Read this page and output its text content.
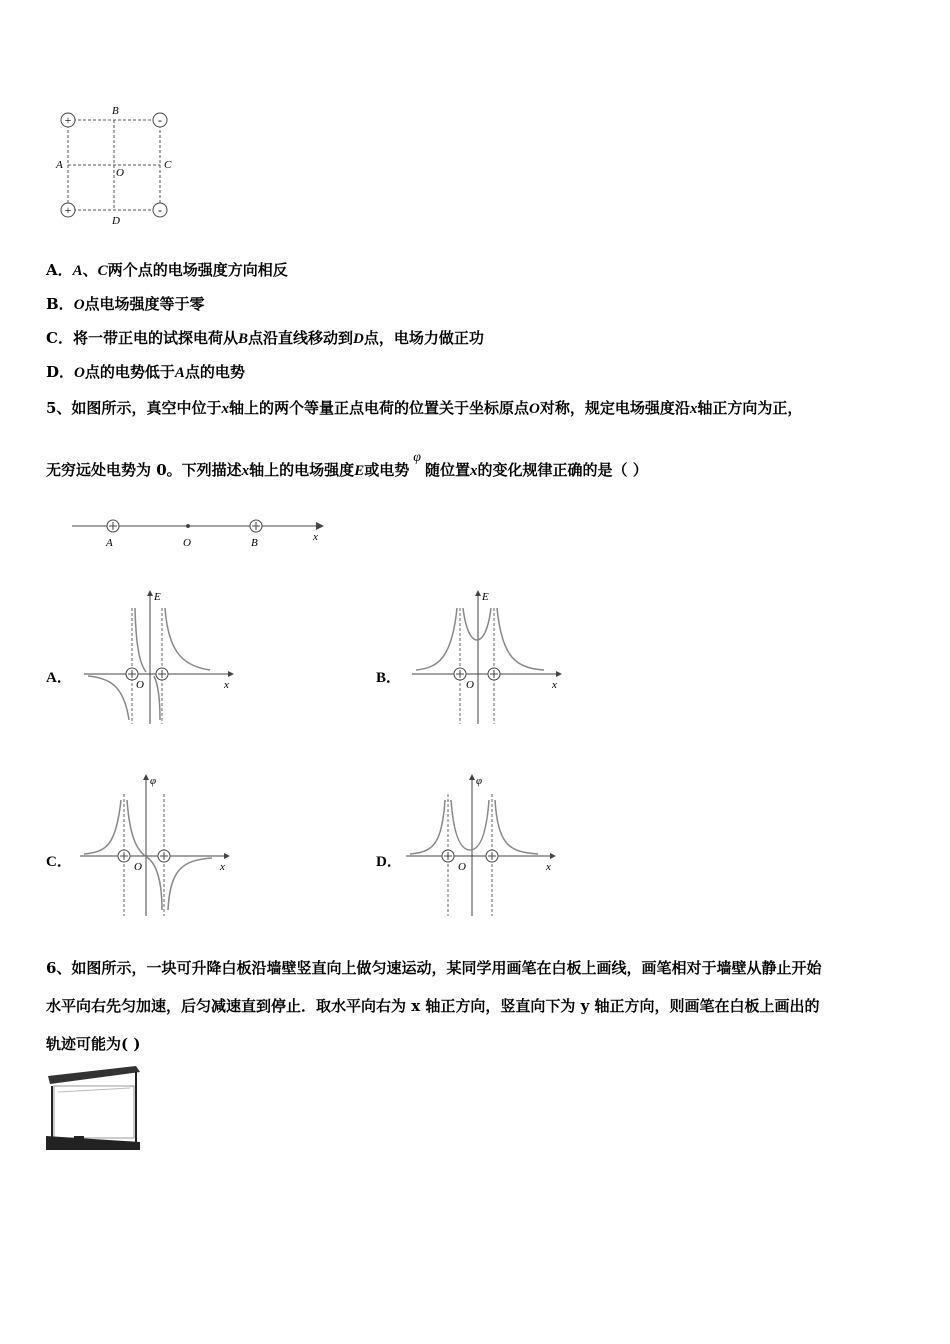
+	-
+	-
B
A	C
D
O
A．A、C两个点的电场强度方向相反
B．O点电场强度等于零
C．将一带正电的试探电荷从B点沿直线移动到D点，电场力做正功
D．O点的电势低于A点的电势
5、如图所示，真空中位于x轴上的两个等量正点电荷的位置关于坐标原点O对称，规定电场强度沿x轴正方向为正，
无穷远处电势为 0。下列描述x轴上的电场强度E或电势φ随位置x的变化规律正确的是（ ）
A	O	B	x
A．
E
x
O	B．
E
x
O
C．
φ
x
O	D．
φ
x
O
6、如图所示，一块可升降白板沿墙壁竖直向上做匀速运动，某同学用画笔在白板上画线，画笔相对于墙壁从静止开始
水平向右先匀加速，后匀减速直到停止．取水平向右为 x 轴正方向，竖直向下为 y 轴正方向，则画笔在白板上画出的
轨迹可能为( )
